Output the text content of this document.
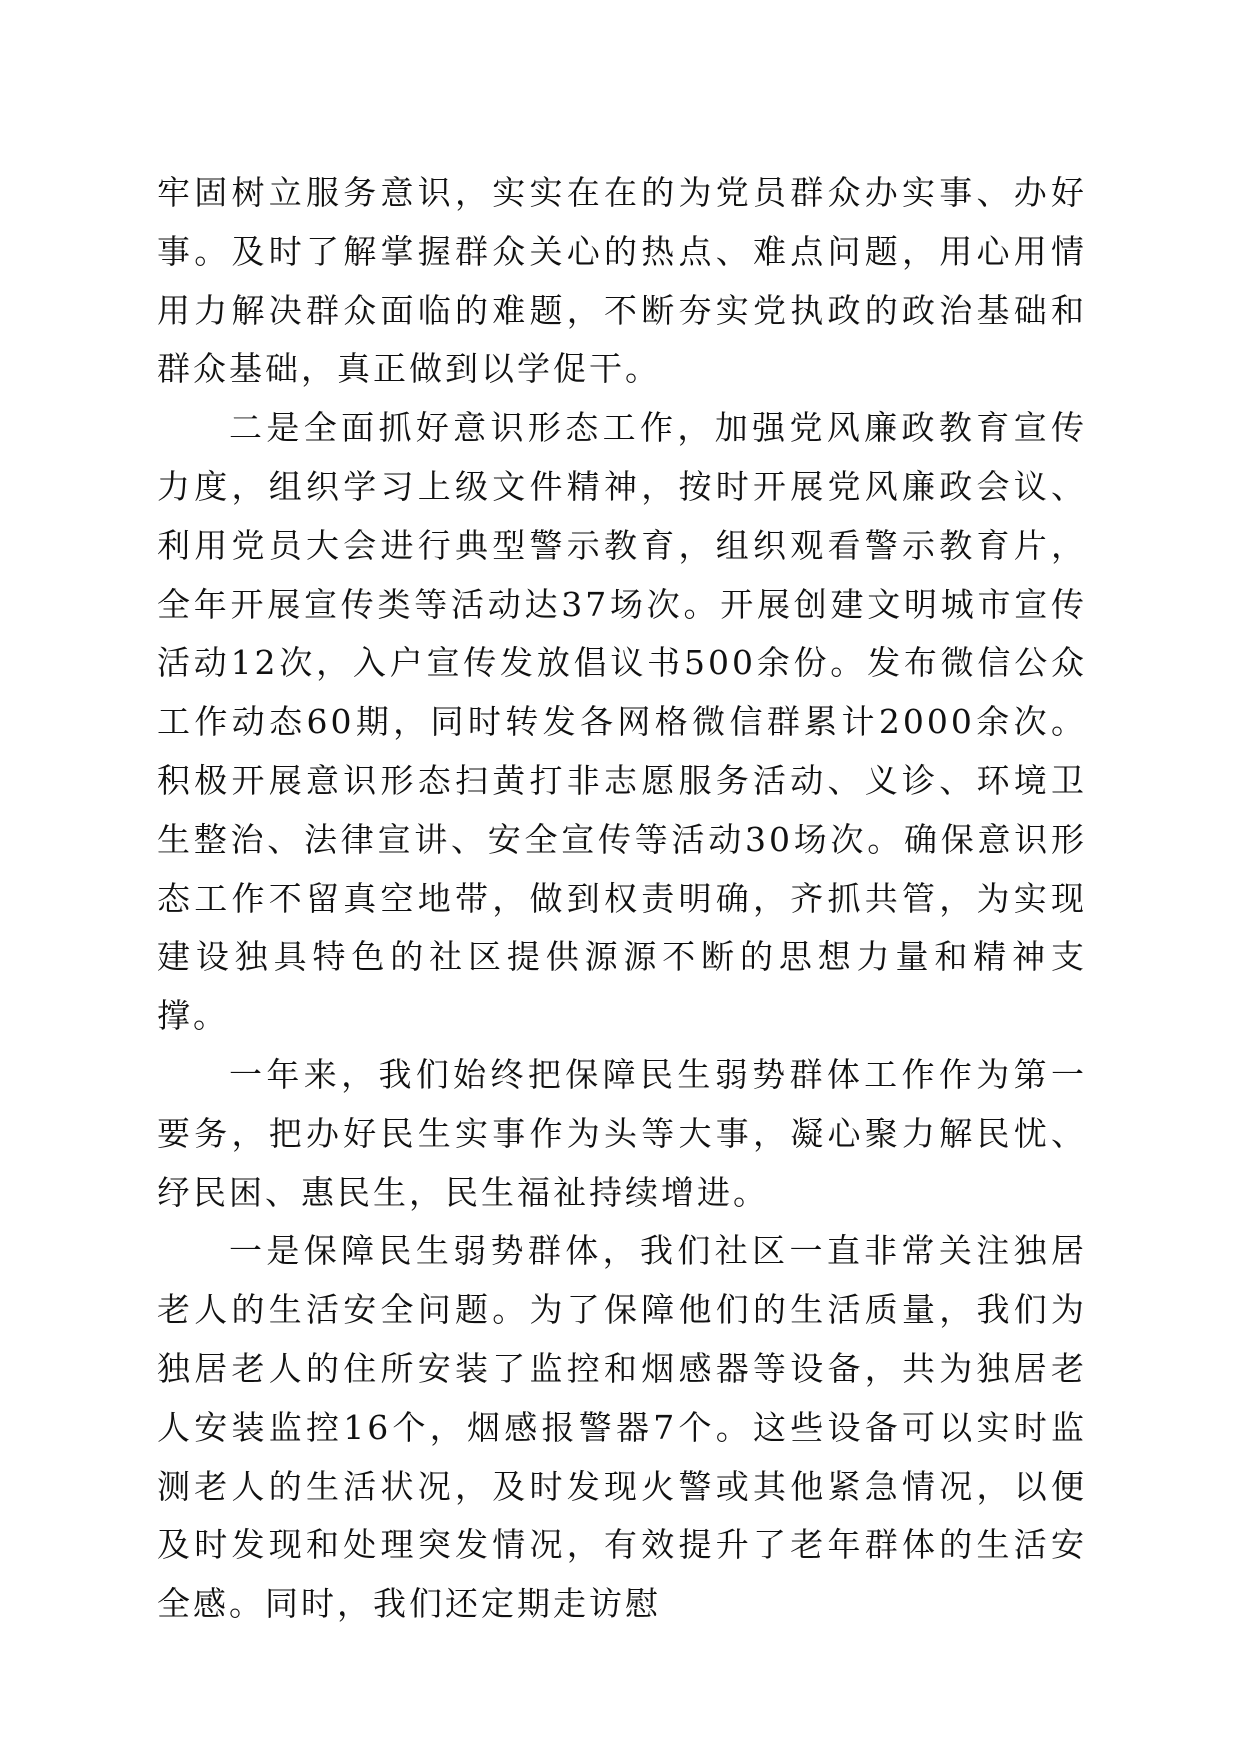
牢固树立服务意识，实实在在的为党员群众办实事、办好事。及时了解掌握群众关心的热点、难点问题，用心用情用力解决群众面临的难题，不断夯实党执政的政治基础和群众基础，真正做到以学促干。

二是全面抓好意识形态工作，加强党风廉政教育宣传力度，组织学习上级文件精神，按时开展党风廉政会议、利用党员大会进行典型警示教育，组织观看警示教育片，全年开展宣传类等活动达37场次。开展创建文明城市宣传活动12次，入户宣传发放倡议书500余份。发布微信公众工作动态60期，同时转发各网格微信群累计2000余次。积极开展意识形态扫黄打非志愿服务活动、义诊、环境卫生整治、法律宣讲、安全宣传等活动30场次。确保意识形态工作不留真空地带，做到权责明确，齐抓共管，为实现建设独具特色的社区提供源源不断的思想力量和精神支撑。

一年来，我们始终把保障民生弱势群体工作作为第一要务，把办好民生实事作为头等大事，凝心聚力解民忧、纾民困、惠民生，民生福祉持续增进。

一是保障民生弱势群体，我们社区一直非常关注独居老人的生活安全问题。为了保障他们的生活质量，我们为独居老人的住所安装了监控和烟感器等设备，共为独居老人安装监控16个，烟感报警器7个。这些设备可以实时监测老人的生活状况，及时发现火警或其他紧急情况，以便及时发现和处理突发情况，有效提升了老年群体的生活安全感。同时，我们还定期走访慰
